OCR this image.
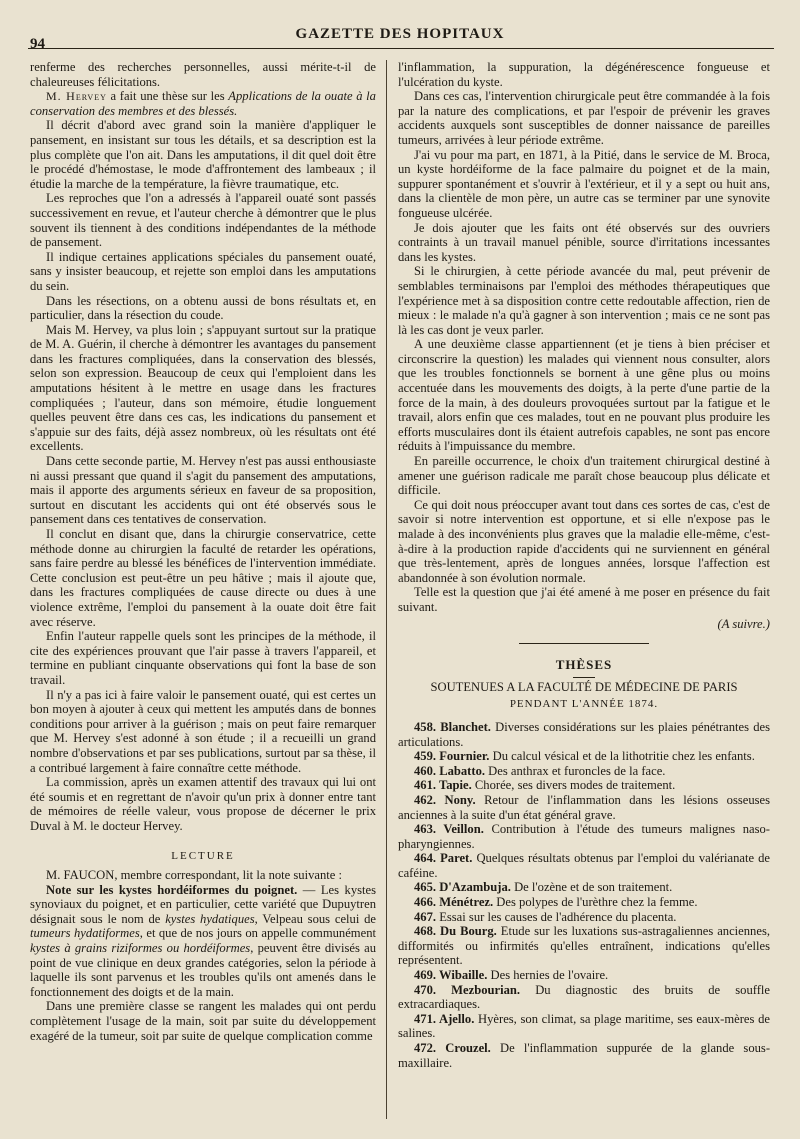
94
GAZETTE DES HOPITAUX

renferme des recherches personnelles, aussi mérite-t-il de chaleureuses félicitations.

M. Hervey a fait une thèse sur les Applications de la ouate à la conservation des membres et des blessés.

Il décrit d'abord avec grand soin la manière d'appliquer le pansement, en insistant sur tous les détails, et sa description est la plus complète que l'on ait. Dans les amputations, il dit quel doit être le procédé d'hémostase, le mode d'affrontement des lambeaux ; il étudie la marche de la température, la fièvre traumatique, etc.

Les reproches que l'on a adressés à l'appareil ouaté sont passés successivement en revue, et l'auteur cherche à démontrer que le plus souvent ils tiennent à des conditions indépendantes de la méthode de pansement.

Il indique certaines applications spéciales du pansement ouaté, sans y insister beaucoup, et rejette son emploi dans les amputations du sein.

Dans les résections, on a obtenu aussi de bons résultats et, en particulier, dans la résection du coude.

Mais M. Hervey, va plus loin ; s'appuyant surtout sur la pratique de M. A. Guérin, il cherche à démontrer les avantages du pansement dans les fractures compliquées, dans la conservation des blessés, selon son expression. Beaucoup de ceux qui l'emploient dans les amputations hésitent à le mettre en usage dans les fractures compliquées ; l'auteur, dans son mémoire, étudie longuement quelles peuvent être dans ces cas, les indications du pansement et s'appuie sur des faits, déjà assez nombreux, où les résultats ont été excellents.

Dans cette seconde partie, M. Hervey n'est pas aussi enthousiaste ni aussi pressant que quand il s'agit du pansement des amputations, mais il apporte des arguments sérieux en faveur de sa proposition, surtout en discutant les accidents qui ont été observés sous le pansement dans ces tentatives de conservation.

Il conclut en disant que, dans la chirurgie conservatrice, cette méthode donne au chirurgien la faculté de retarder les opérations, sans faire perdre au blessé les bénéfices de l'intervention immédiate. Cette conclusion est peut-être un peu hâtive ; mais il ajoute que, dans les fractures compliquées de cause directe ou dues à une violence extrême, l'emploi du pansement à la ouate doit être fait avec réserve.

Enfin l'auteur rappelle quels sont les principes de la méthode, il cite des expériences prouvant que l'air passe à travers l'appareil, et termine en publiant cinquante observations qui font la base de son travail.

Il n'y a pas ici à faire valoir le pansement ouaté, qui est certes un bon moyen à ajouter à ceux qui mettent les amputés dans de bonnes conditions pour arriver à la guérison ; mais on peut faire remarquer que M. Hervey s'est adonné à son étude ; il a recueilli un grand nombre d'observations et par ses publications, surtout par sa thèse, il a contribué largement à faire connaître cette méthode.

La commission, après un examen attentif des travaux qui lui ont été soumis et en regrettant de n'avoir qu'un prix à donner entre tant de mémoires de réelle valeur, vous propose de décerner le prix Duval à M. le docteur Hervey.

LECTURE

M. FAUCON, membre correspondant, lit la note suivante :

Note sur les kystes hordéiformes du poignet. — Les kystes synoviaux du poignet, et en particulier, cette variété que Dupuytren désignait sous le nom de kystes hydatiques, Velpeau sous celui de tumeurs hydatiformes, et que de nos jours on appelle communément kystes à grains riziformes ou hordéiformes, peuvent être divisés au point de vue clinique en deux grandes catégories, selon la période à laquelle ils sont parvenus et les troubles qu'ils ont amenés dans le fonctionnement des doigts et de la main.

Dans une première classe se rangent les malades qui ont perdu complètement l'usage de la main, soit par suite du développement exagéré de la tumeur, soit par suite de quelque complication comme

l'inflammation, la suppuration, la dégénérescence fongueuse et l'ulcération du kyste.

Dans ces cas, l'intervention chirurgicale peut être commandée à la fois par la nature des complications, et par l'espoir de prévenir les graves accidents auxquels sont susceptibles de donner naissance de pareilles tumeurs, arrivées à leur période extrême.

J'ai vu pour ma part, en 1871, à la Pitié, dans le service de M. Broca, un kyste hordéiforme de la face palmaire du poignet et de la main, suppurer spontanément et s'ouvrir à l'extérieur, et il y a sept ou huit ans, dans la clientèle de mon père, un autre cas se terminer par une synovite fongueuse ulcérée.

Je dois ajouter que les faits ont été observés sur des ouvriers contraints à un travail manuel pénible, source d'irritations incessantes dans les kystes.

Si le chirurgien, à cette période avancée du mal, peut prévenir de semblables terminaisons par l'emploi des méthodes thérapeutiques que l'expérience met à sa disposition contre cette redoutable affection, rien de mieux : le malade n'a qu'à gagner à son intervention ; mais ce ne sont pas là les cas dont je veux parler.

A une deuxième classe appartiennent (et je tiens à bien préciser et circonscrire la question) les malades qui viennent nous consulter, alors que les troubles fonctionnels se bornent à une gêne plus ou moins accentuée dans les mouvements des doigts, à la perte d'une partie de la force de la main, à des douleurs provoquées surtout par la fatigue et le travail, alors enfin que ces malades, tout en ne pouvant plus produire les efforts musculaires dont ils étaient autrefois capables, ne sont pas encore réduits à l'impuissance du membre.

En pareille occurrence, le choix d'un traitement chirurgical destiné à amener une guérison radicale me paraît chose beaucoup plus délicate et difficile.

Ce qui doit nous préoccuper avant tout dans ces sortes de cas, c'est de savoir si notre intervention est opportune, et si elle n'expose pas le malade à des inconvénients plus graves que la maladie elle-même, c'est-à-dire à la production rapide d'accidents qui ne surviennent en général que très-lentement, après de longues années, lorsque l'affection est abandonnée à son évolution normale.

Telle est la question que j'ai été amené à me poser en présence du fait suivant.

(A suivre.)

THÈSES

SOUTENUES A LA FACULTÉ DE MÉDECINE DE PARIS

PENDANT L'ANNÉE 1874.

458. Blanchet. Diverses considérations sur les plaies pénétrantes des articulations.
459. Fournier. Du calcul vésical et de la lithotritie chez les enfants.
460. Labatto. Des anthrax et furoncles de la face.
461. Tapie. Chorée, ses divers modes de traitement.
462. Nony. Retour de l'inflammation dans les lésions osseuses anciennes à la suite d'un état général grave.
463. Veillon. Contribution à l'étude des tumeurs malignes naso-pharyngiennes.
464. Paret. Quelques résultats obtenus par l'emploi du valérianate de caféine.
465. D'Azambuja. De l'ozène et de son traitement.
466. Ménétrez. Des polypes de l'urèthre chez la femme.
467. Essai sur les causes de l'adhérence du placenta.
468. Du Bourg. Etude sur les luxations sus-astragaliennes anciennes, difformités ou infirmités qu'elles entraînent, indications qu'elles représentent.
469. Wibaille. Des hernies de l'ovaire.
470. Mezbourian. Du diagnostic des bruits de souffle extracardiaques.
471. Ajello. Hyères, son climat, sa plage maritime, ses eaux-mères de salines.
472. Crouzel. De l'inflammation suppurée de la glande sous-maxillaire.
